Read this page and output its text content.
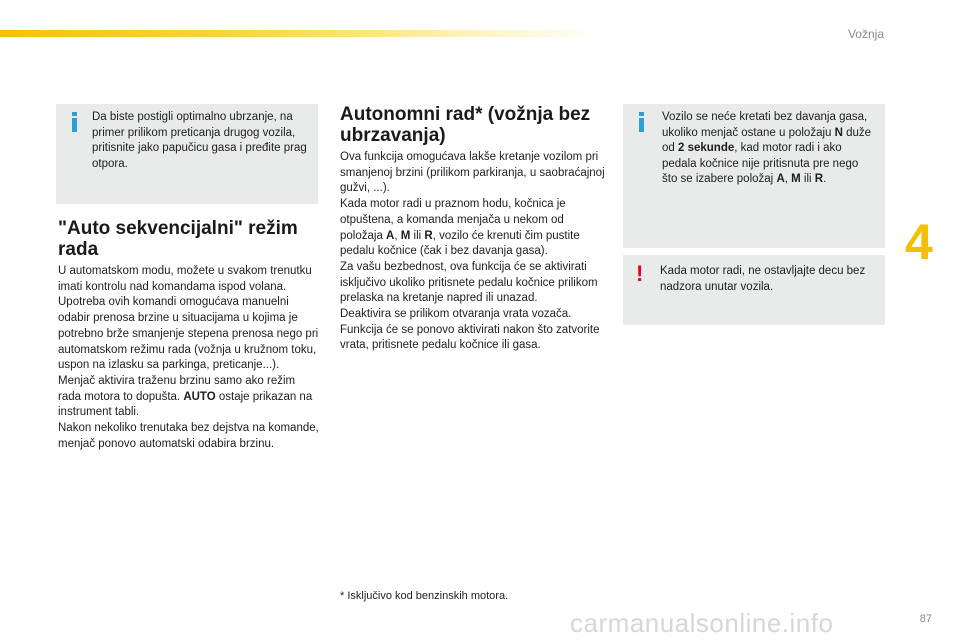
Vožnja
4
Da biste postigli optimalno ubrzanje, na primer prilikom preticanja drugog vozila, pritisnite jako papučicu gasa i pređite prag otpora.
"Auto sekvencijalni" režim rada

U automatskom modu, možete u svakom trenutku imati kontrolu nad komandama ispod volana.

Upotreba ovih komandi omogućava manuelni odabir prenosa brzine u situacijama u kojima je potrebno brže smanjenje stepena prenosa nego pri automatskom režimu rada (vožnja u kružnom toku, uspon na izlasku sa parkinga, preticanje...).

Menjač aktivira traženu brzinu samo ako režim rada motora to dopušta. AUTO ostaje prikazan na instrument tabli.

Nakon nekoliko trenutaka bez dejstva na komande, menjač ponovo automatski odabira brzinu.

Autonomni rad* (vožnja bez ubrzavanja)

Ova funkcija omogućava lakše kretanje vozilom pri smanjenoj brzini (prilikom parkiranja, u saobraćajnoj gužvi, ...).

Kada motor radi u praznom hodu, kočnica je otpuštena, a komanda menjača u nekom od položaja A, M ili R, vozilo će krenuti čim pustite pedalu kočnice (čak i bez davanja gasa).

Za vašu bezbednost, ova funkcija će se aktivirati isključivo ukoliko pritisnete pedalu kočnice prilikom prelaska na kretanje napred ili unazad.

Deaktivira se prilikom otvaranja vrata vozača. Funkcija će se ponovo aktivirati nakon što zatvorite vrata, pritisnete pedalu kočnice ili gasa.

* Isključivo kod benzinskih motora.
Vozilo se neće kretati bez davanja gasa, ukoliko menjač ostane u položaju N duže od 2 sekunde, kad motor radi i ako pedala kočnice nije pritisnuta pre nego što se izabere položaj A, M ili R.
! Kada motor radi, ne ostavljajte decu bez nadzora unutar vozila.
carmanualsonline.info	87
